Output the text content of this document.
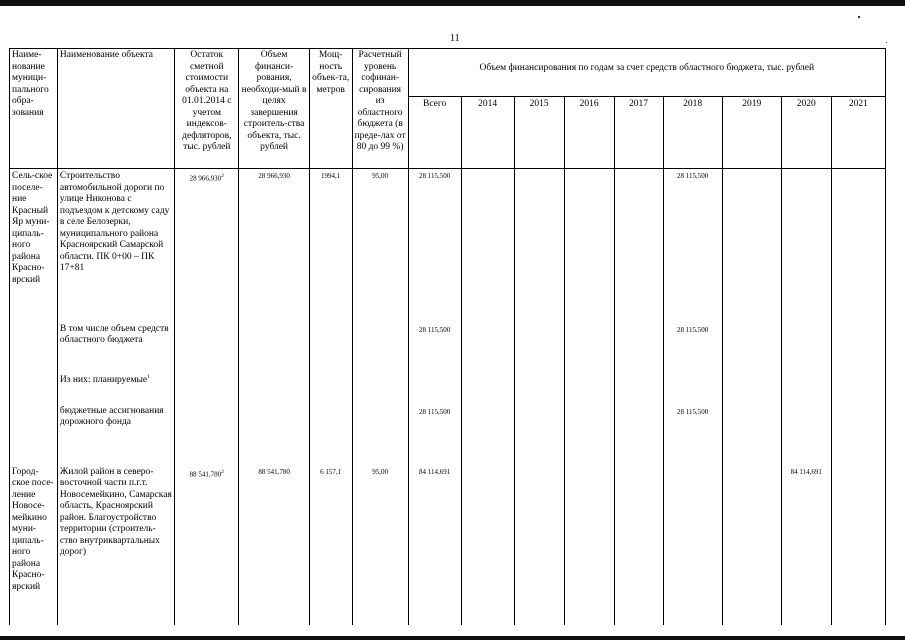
11
Наиме-нование муници-пального обра-зования	Наименование объекта	Остаток сметной стоимости объекта на 01.01.2014 с учетом индексов-дефляторов, тыс. рублей	Объем финанси-рования, необходи-мый в целях завершения строитель-ства объекта, тыс. рублей	Мощ-ность объек-та, метров	Расчетный уровень софинан-сирования из областного бюджета (в преде-лах от 80 до 99 %)	Объем финансирования по годам за счет средств областного бюджета, тыс. рублей								
						Всего	2014	2015	2016	2017	2018	2019	2020	2021
Сель-ское поселе-ние Красный Яр муни-ципаль-ного района Красно-ярский	Строительство автомобильной дороги по улице Никонова с подъездом к детскому саду в селе Белозерки, муниципального района Красноярский Самарской области. ПК 0+00 – ПК 17+81	28 966,930$^2$	28 966,930	1994,1	95,00	28 115,500					28 115,500			
	В том числе объем средств областного бюджета					28 115,500					28 115,500			
	Из них: планируемые$^1$													
	бюджетные ассигнования дорожного фонда					28 115,500					28 115,500			
Город-ское посе-ление Новосе-мейкино муни-ципаль-ного района Красно-ярский	Жилой район в северо-восточной части п.г.т. Новосемейкино, Самарская область, Красноярский район. Благоустройство территории (строитель-ство внутриквартальных дорог)	88 541,780$^2$	88 541,780	6 157,1	95,00	84 114,691							84 114,691	
